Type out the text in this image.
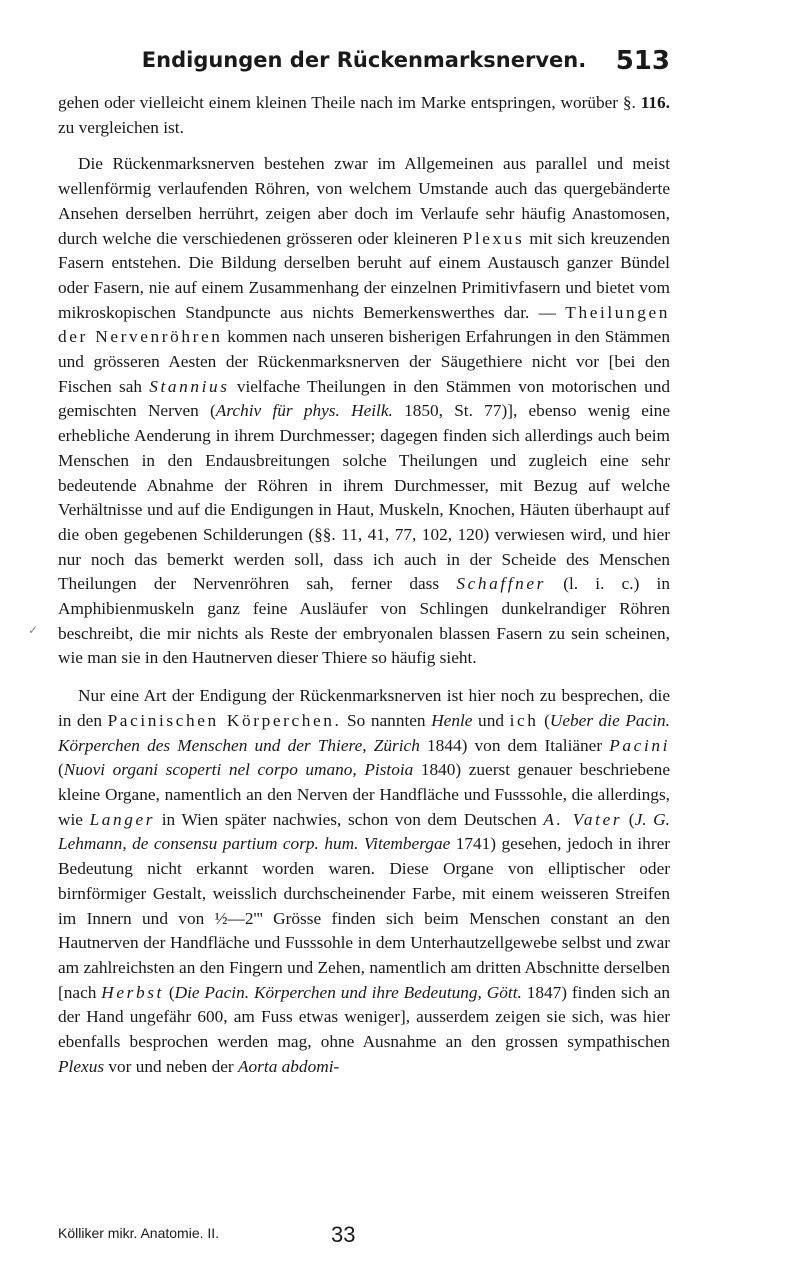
Endigungen der Rückenmarksnerven.	513

gehen oder vielleicht einem kleinen Theile nach im Marke entspringen, worüber §. 116. zu vergleichen ist.

Die Rückenmarksnerven bestehen zwar im Allgemeinen aus parallel und meist wellenförmig verlaufenden Röhren, von welchem Umstande auch das quergebänderte Ansehen derselben herrührt, zeigen aber doch im Verlaufe sehr häufig Anastomosen, durch welche die verschiedenen grösseren oder kleineren Plexus mit sich kreuzenden Fasern entstehen. Die Bildung derselben beruht auf einem Austausch ganzer Bündel oder Fasern, nie auf einem Zusammenhang der einzelnen Primitivfasern und bietet vom mikroskopischen Standpuncte aus nichts Bemerkenswerthes dar. — Theilungen der Nervenröhren kommen nach unseren bisherigen Erfahrungen in den Stämmen und grösseren Aesten der Rückenmarksnerven der Säugethiere nicht vor [bei den Fischen sah Stannius vielfache Theilungen in den Stämmen von motorischen und gemischten Nerven (Archiv für phys. Heilk. 1850, St. 77)], ebenso wenig eine erhebliche Aenderung in ihrem Durchmesser; dagegen finden sich allerdings auch beim Menschen in den Endausbreitungen solche Theilungen und zugleich eine sehr bedeutende Abnahme der Röhren in ihrem Durchmesser, mit Bezug auf welche Verhältnisse und auf die Endigungen in Haut, Muskeln, Knochen, Häuten überhaupt auf die oben gegebenen Schilderungen (§§. 11, 41, 77, 102, 120) verwiesen wird, und hier nur noch das bemerkt werden soll, dass ich auch in der Scheide des Menschen Theilungen der Nervenröhren sah, ferner dass Schaffner (l. i. c.) in Amphibienmuskeln ganz feine Ausläufer von Schlingen dunkelrandiger Röhren beschreibt, die mir nichts als Reste der embryonalen blassen Fasern zu sein scheinen, wie man sie in den Hautnerven dieser Thiere so häufig sieht.

Nur eine Art der Endigung der Rückenmarksnerven ist hier noch zu besprechen, die in den Pacinischen Körperchen. So nannten Henle und ich (Ueber die Pacin. Körperchen des Menschen und der Thiere, Zürich 1844) von dem Italiäner Pacini (Nuovi organi scoperti nel corpo umano, Pistoia 1840) zuerst genauer beschriebene kleine Organe, namentlich an den Nerven der Handfläche und Fusssohle, die allerdings, wie Langer in Wien später nachwies, schon von dem Deutschen A. Vater (J. G. Lehmann, de consensu partium corp. hum. Vitembergae 1741) gesehen, jedoch in ihrer Bedeutung nicht erkannt worden waren. Diese Organe von elliptischer oder birnförmiger Gestalt, weisslich durchscheinender Farbe, mit einem weisseren Streifen im Innern und von ½—2''' Grösse finden sich beim Menschen constant an den Hautnerven der Handfläche und Fusssohle in dem Unterhautzellgewebe selbst und zwar am zahlreichsten an den Fingern und Zehen, namentlich am dritten Abschnitte derselben [nach Herbst (Die Pacin. Körperchen und ihre Bedeutung, Gött. 1847) finden sich an der Hand ungefähr 600, am Fuss etwas weniger], ausserdem zeigen sie sich, was hier ebenfalls besprochen werden mag, ohne Ausnahme an den grossen sympathischen Plexus vor und neben der Aorta abdomi-

✓
Kölliker mikr. Anatomie. II.	33
